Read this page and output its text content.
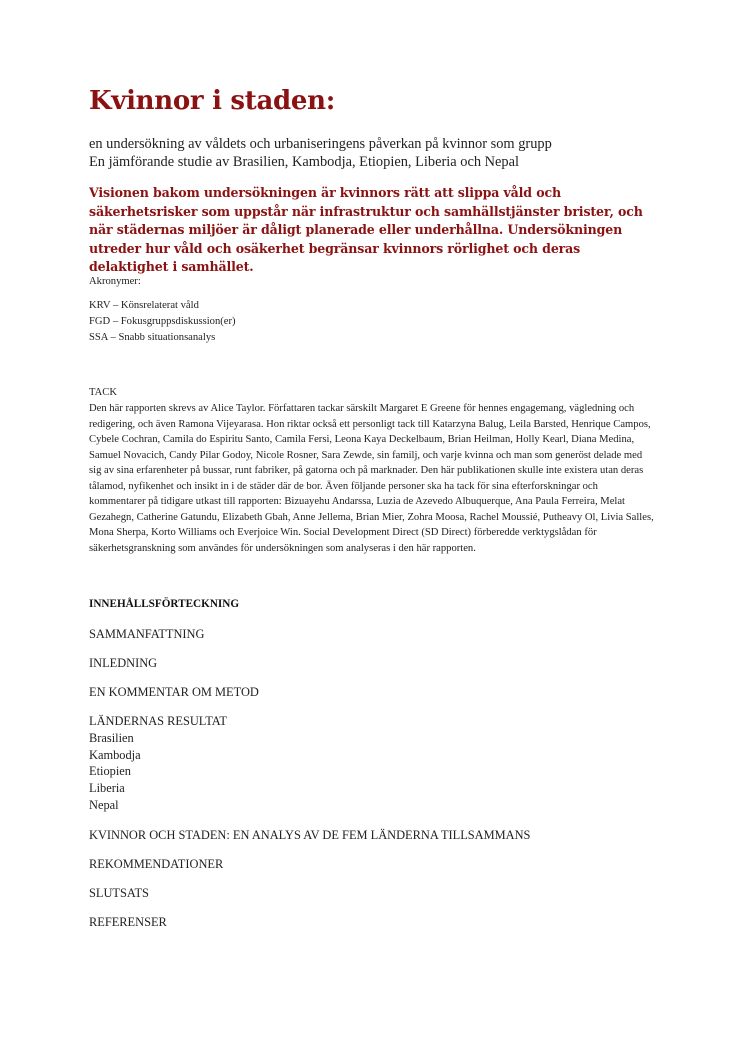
Kvinnor i staden:
en undersökning av våldets och urbaniseringens påverkan på kvinnor som grupp
En jämförande studie av Brasilien, Kambodja, Etiopien, Liberia och Nepal
Visionen bakom undersökningen är kvinnors rätt att slippa våld och säkerhetsrisker som uppstår när infrastruktur och samhällstjänster brister, och när städernas miljöer är dåligt planerade eller underhållna. Undersökningen utreder hur våld och osäkerhet begränsar kvinnors rörlighet och deras delaktighet i samhället.
Akronymer:
KRV – Könsrelaterat våld
FGD – Fokusgruppsdiskussion(er)
SSA – Snabb situationsanalys
TACK
Den här rapporten skrevs av Alice Taylor. Författaren tackar särskilt Margaret E Greene för hennes engagemang, vägledning och redigering, och även Ramona Vijeyarasa. Hon riktar också ett personligt tack till Katarzyna Balug, Leila Barsted, Henrique Campos, Cybele Cochran, Camila do Espiritu Santo, Camila Fersi, Leona Kaya Deckelbaum, Brian Heilman, Holly Kearl, Diana Medina, Samuel Novacich, Candy Pilar Godoy, Nicole Rosner, Sara Zewde, sin familj, och varje kvinna och man som generöst delade med sig av sina erfarenheter på bussar, runt fabriker, på gatorna och på marknader. Den här publikationen skulle inte existera utan deras tålamod, nyfikenhet och insikt in i de städer där de bor. Även följande personer ska ha tack för sina efterforskningar och kommentarer på tidigare utkast till rapporten: Bizuayehu Andarssa, Luzia de Azevedo Albuquerque, Ana Paula Ferreira, Melat Gezahegn, Catherine Gatundu, Elizabeth Gbah, Anne Jellema, Brian Mier, Zohra Moosa, Rachel Moussié, Putheavy Ol, Livia Salles, Mona Sherpa, Korto Williams och Everjoice Win. Social Development Direct (SD Direct) förberedde verktygslådan för säkerhetsgranskning som användes för undersökningen som analyseras i den här rapporten.
INNEHÅLLSFÖRTECKNING
SAMMANFATTNING
INLEDNING
EN KOMMENTAR OM METOD
LÄNDERNAS RESULTAT
Brasilien
Kambodja
Etiopien
Liberia
Nepal
KVINNOR OCH STADEN: EN ANALYS AV DE FEM LÄNDERNA TILLSAMMANS
REKOMMENDATIONER
SLUTSATS
REFERENSER
